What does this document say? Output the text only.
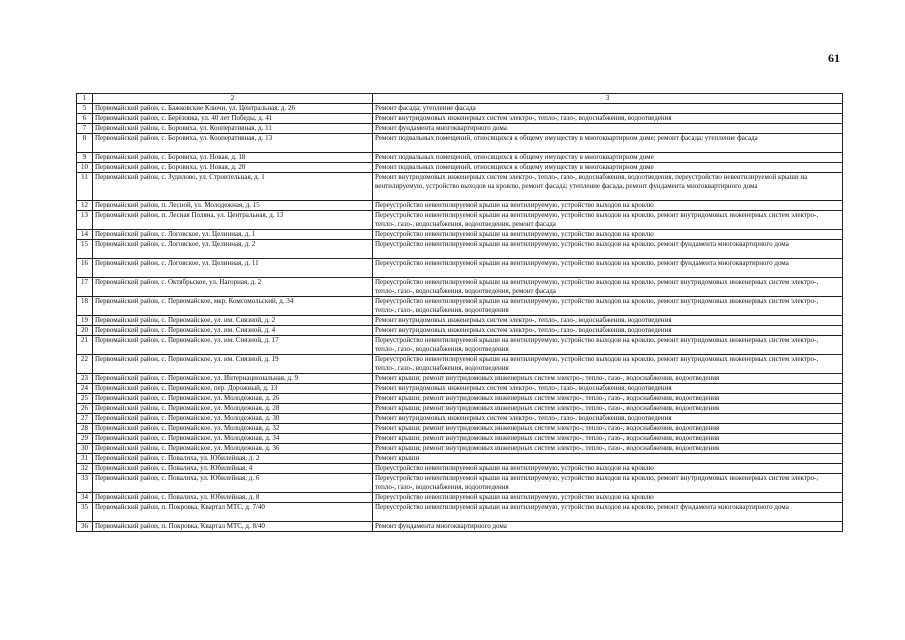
61
1	2	3
5	Первомайский район, с. Бажковские Ключи, ул. Центральная, д. 26	Ремонт фасада; утепление фасада
6	Первомайский район, с. Берёзовка, ул. 40 лет Победы, д. 41	Ремонт внутридомовых инженерных систем электро-, тепло-, газо-, водоснабжения, водоотведения
7	Первомайский район, с. Боровиха, ул. Кооперативная, д. 11	Ремонт фундамента многоквартирного дома
8	Первомайский район, с. Боровиха, ул. Кооперативная, д. 13	Ремонт подвальных помещений, относящихся к общему имуществу в многоквартирном доме; ремонт фасада; утепление фасада
9	Первомайский район, с. Боровиха, ул. Новая, д. 18	Ремонт подвальных помещений, относящихся к общему имуществу в многоквартирном доме
10	Первомайский район, с. Боровиха, ул. Новая, д. 20	Ремонт подвальных помещений, относящихся к общему имуществу в многоквартирном доме
11	Первомайский район, с. Зудилово, ул. Строительная, д. 1	Ремонт внутридомовых инженерных систем электро-, тепло-, газо-, водоснабжения, водоотведения, переустройство невентилируемой крыши на вентилируемую, устройство выходов на кровлю, ремонт фасада; утепление фасада, ремонт фундамента многоквартирного дома
12	Первомайский район, п. Лесной, ул. Молодежная, д. 15	Переустройство невентилируемой крыши на вентилируемую, устройство выходов на кровлю
13	Первомайский район, п. Лесная Поляна, ул. Центральная, д. 13	Переустройство невентилируемой крыши на вентилируемую, устройство выходов на кровлю, ремонт внутридомовых инженерных систем электро-, тепло-, газо-, водоснабжения, водоотведения, ремонт фасада
14	Первомайский район, с. Логовское, ул. Целинная, д. 1	Переустройство невентилируемой крыши на вентилируемую, устройство выходов на кровлю
15	Первомайский район, с. Логовское, ул. Целинная, д. 2	Переустройство невентилируемой крыши на вентилируемую, устройство выходов на кровлю, ремонт фундамента многоквартирного дома
16	Первомайский район, с. Логовское, ул. Целинная, д. 11	Переустройство невентилируемой крыши на вентилируемую, устройство выходов на кровлю, ремонт фундамента многоквартирного дома
17	Первомайский район, с. Октябрьское, ул. Нагорная, д. 2	Переустройство невентилируемой крыши на вентилируемую, устройство выходов на кровлю, ремонт внутридомовых инженерных систем электро-, тепло-, газо-, водоснабжения, водоотведения, ремонт фасада
18	Первомайский район, с. Первомайское, мкр. Комсомольский, д. 34	Переустройство невентилируемой крыши на вентилируемую, устройство выходов на кровлю, ремонт внутридомовых инженерных систем электро-, тепло-, газо-, водоснабжения, водоотведения
19	Первомайский район, с. Первомайское, ул. им. Сиязной, д. 2	Ремонт внутридомовых инженерных систем электро-, тепло-, газо-, водоснабжения, водоотведения
20	Первомайский район, с. Первомайское, ул. им. Сиязной, д. 4	Ремонт внутридомовых инженерных систем электро-, тепло-, газо-, водоснабжения, водоотведения
21	Первомайский район, с. Первомайское, ул. им. Сиязной, д. 17	Переустройство невентилируемой крыши на вентилируемую, устройство выходов на кровлю, ремонт внутридомовых инженерных систем электро-, тепло-, газо-, водоснабжения, водоотведения
22	Первомайский район, с. Первомайское, ул. им. Сиязной, д. 19	Переустройство невентилируемой крыши на вентилируемую, устройство выходов на кровлю, ремонт внутридомовых инженерных систем электро-, тепло-, газо-, водоснабжения, водоотведения
23	Первомайский район, с. Первомайское, ул. Интернациональная, д. 9	Ремонт крыши; ремонт внутридомовых инженерных систем электро-, тепло-, газо-, водоснабжения, водоотведения
24	Первомайский район, с. Первомайское, пер. Дорожный, д. 13	Ремонт внутридомовых инженерных систем электро-, тепло-, газо-, водоснабжения, водоотведения
25	Первомайский район, с. Первомайское, ул. Молодежная, д. 26	Ремонт крыши; ремонт внутридомовых инженерных систем электро-, тепло-, газо-, водоснабжения, водоотведения
26	Первомайский район, с. Первомайское, ул. Молодежная, д. 28	Ремонт крыши; ремонт внутридомовых инженерных систем электро-, тепло-, газо-, водоснабжения, водоотведения
27	Первомайский район, с. Первомайское, ул. Молодежная, д. 30	Ремонт внутридомовых инженерных систем электро-, тепло-, газо-, водоснабжения, водоотведения
28	Первомайский район, с. Первомайское, ул. Молодежная, д. 32	Ремонт крыши; ремонт внутридомовых инженерных систем электро-, тепло-, газо-, водоснабжения, водоотведения
29	Первомайский район, с. Первомайское, ул. Молодежная, д. 34	Ремонт крыши; ремонт внутридомовых инженерных систем электро-, тепло-, газо-, водоснабжения, водоотведения
30	Первомайский район, с. Первомайское, ул. Молодежная, д. 36	Ремонт крыши; ремонт внутридомовых инженерных систем электро-, тепло-, газо-, водоснабжения, водоотведения
31	Первомайский район, с. Повалиха, ул. Юбилейная, д. 2	Ремонт крыши
32	Первомайский район, с. Повалиха, ул. Юбилейная, 4	Переустройство невентилируемой крыши на вентилируемую, устройство выходов на кровлю
33	Первомайский район, с. Повалиха, ул. Юбилейная, д. 6	Переустройство невентилируемой крыши на вентилируемую, устройство выходов на кровлю, ремонт внутридомовых инженерных систем электро-, тепло-, газо-, водоснабжения, водоотведения
34	Первомайский район, с. Повалиха, ул. Юбилейная, д. 8	Переустройство невентилируемой крыши на вентилируемую, устройство выходов на кровлю
35	Первомайский район, п. Покровка, Квартал МТС, д. 7/40	Переустройство невентилируемой крыши на вентилируемую, устройство выходов на кровлю, ремонт фундамента многоквартирного дома
36	Первомайский район, п. Покровка, Квартал МТС, д. 8/40	Ремонт фундамента многоквартирного дома
